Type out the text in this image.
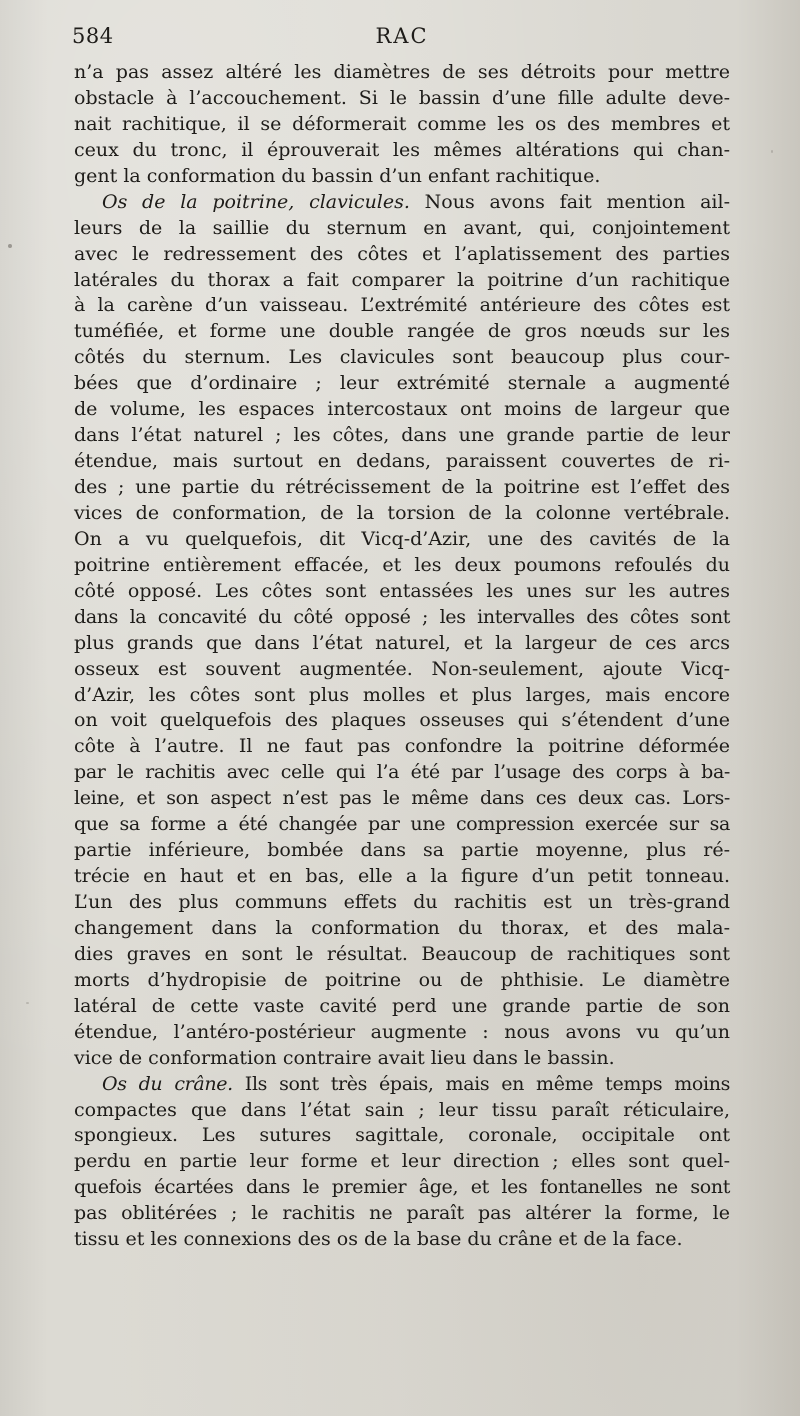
584	RAC
n’a pas assez altéré les diamètres de ses détroits pour mettre
obstacle à l’accouchement. Si le bassin d’une fille adulte deve-
nait rachitique, il se déformerait comme les os des membres et
ceux du tronc, il éprouverait les mêmes altérations qui chan-
gent la conformation du bassin d’un enfant rachitique.
Os de la poitrine, clavicules. Nous avons fait mention ail-
leurs de la saillie du sternum en avant, qui, conjointement
avec le redressement des côtes et l’aplatissement des parties
latérales du thorax a fait comparer la poitrine d’un rachitique
à la carène d’un vaisseau. L’extrémité antérieure des côtes est
tuméfiée, et forme une double rangée de gros nœuds sur les
côtés du sternum. Les clavicules sont beaucoup plus cour-
bées que d’ordinaire ; leur extrémité sternale a augmenté
de volume, les espaces intercostaux ont moins de largeur que
dans l’état naturel ; les côtes, dans une grande partie de leur
étendue, mais surtout en dedans, paraissent couvertes de ri-
des ; une partie du rétrécissement de la poitrine est l’effet des
vices de conformation, de la torsion de la colonne vertébrale.
On a vu quelquefois, dit Vicq-d’Azir, une des cavités de la
poitrine entièrement effacée, et les deux poumons refoulés du
côté opposé. Les côtes sont entassées les unes sur les autres
dans la concavité du côté opposé ; les intervalles des côtes sont
plus grands que dans l’état naturel, et la largeur de ces arcs
osseux est souvent augmentée. Non-seulement, ajoute Vicq-
d’Azir, les côtes sont plus molles et plus larges, mais encore
on voit quelquefois des plaques osseuses qui s’étendent d’une
côte à l’autre. Il ne faut pas confondre la poitrine déformée
par le rachitis avec celle qui l’a été par l’usage des corps à ba-
leine, et son aspect n’est pas le même dans ces deux cas. Lors-
que sa forme a été changée par une compression exercée sur sa
partie inférieure, bombée dans sa partie moyenne, plus ré-
trécie en haut et en bas, elle a la figure d’un petit tonneau.
L’un des plus communs effets du rachitis est un très-grand
changement dans la conformation du thorax, et des mala-
dies graves en sont le résultat. Beaucoup de rachitiques sont
morts d’hydropisie de poitrine ou de phthisie. Le diamètre
latéral de cette vaste cavité perd une grande partie de son
étendue, l’antéro-postérieur augmente : nous avons vu qu’un
vice de conformation contraire avait lieu dans le bassin.
Os du crâne. Ils sont très épais, mais en même temps moins
compactes que dans l’état sain ; leur tissu paraît réticulaire,
spongieux. Les sutures sagittale, coronale, occipitale ont
perdu en partie leur forme et leur direction ; elles sont quel-
quefois écartées dans le premier âge, et les fontanelles ne sont
pas oblitérées ; le rachitis ne paraît pas altérer la forme, le
tissu et les connexions des os de la base du crâne et de la face.
